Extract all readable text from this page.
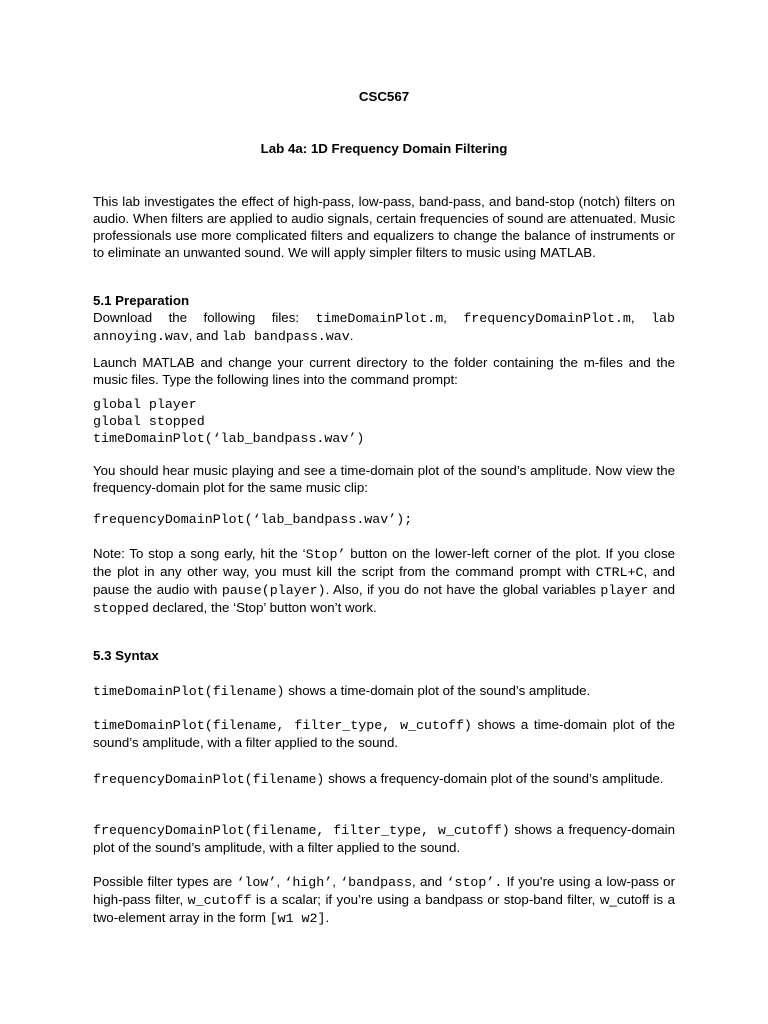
CSC567
Lab 4a: 1D Frequency Domain Filtering

This lab investigates the effect of high-pass, low-pass, band-pass, and band-stop (notch) filters on audio. When filters are applied to audio signals, certain frequencies of sound are attenuated. Music professionals use more complicated filters and equalizers to change the balance of instruments or to eliminate an unwanted sound. We will apply simpler filters to music using MATLAB.

5.1 Preparation

Download the following files: timeDomainPlot.m, frequencyDomainPlot.m, lab annoying.wav, and lab bandpass.wav.

Launch MATLAB and change your current directory to the folder containing the m-files and the music files. Type the following lines into the command prompt:

global player
global stopped
timeDomainPlot(‘lab_bandpass.wav’)

You should hear music playing and see a time-domain plot of the sound’s amplitude. Now view the frequency-domain plot for the same music clip:

frequencyDomainPlot(‘lab_bandpass.wav’);

Note: To stop a song early, hit the ‘Stop’ button on the lower-left corner of the plot. If you close the plot in any other way, you must kill the script from the command prompt with CTRL+C, and pause the audio with pause(player). Also, if you do not have the global variables player and stopped declared, the ‘Stop’ button won’t work.

5.3 Syntax

timeDomainPlot(filename) shows a time-domain plot of the sound’s amplitude.

timeDomainPlot(filename, filter_type, w_cutoff) shows a time-domain plot of the sound’s amplitude, with a filter applied to the sound.

frequencyDomainPlot(filename) shows a frequency-domain plot of the sound’s amplitude.

frequencyDomainPlot(filename, filter_type, w_cutoff) shows a frequency-domain plot of the sound’s amplitude, with a filter applied to the sound.

Possible filter types are ‘low’, ‘high’, ‘bandpass, and ‘stop’. If you’re using a low-pass or high-pass filter, w_cutoff is a scalar; if you’re using a bandpass or stop-band filter, w_cutoff is a two-element array in the form [w1 w2].
